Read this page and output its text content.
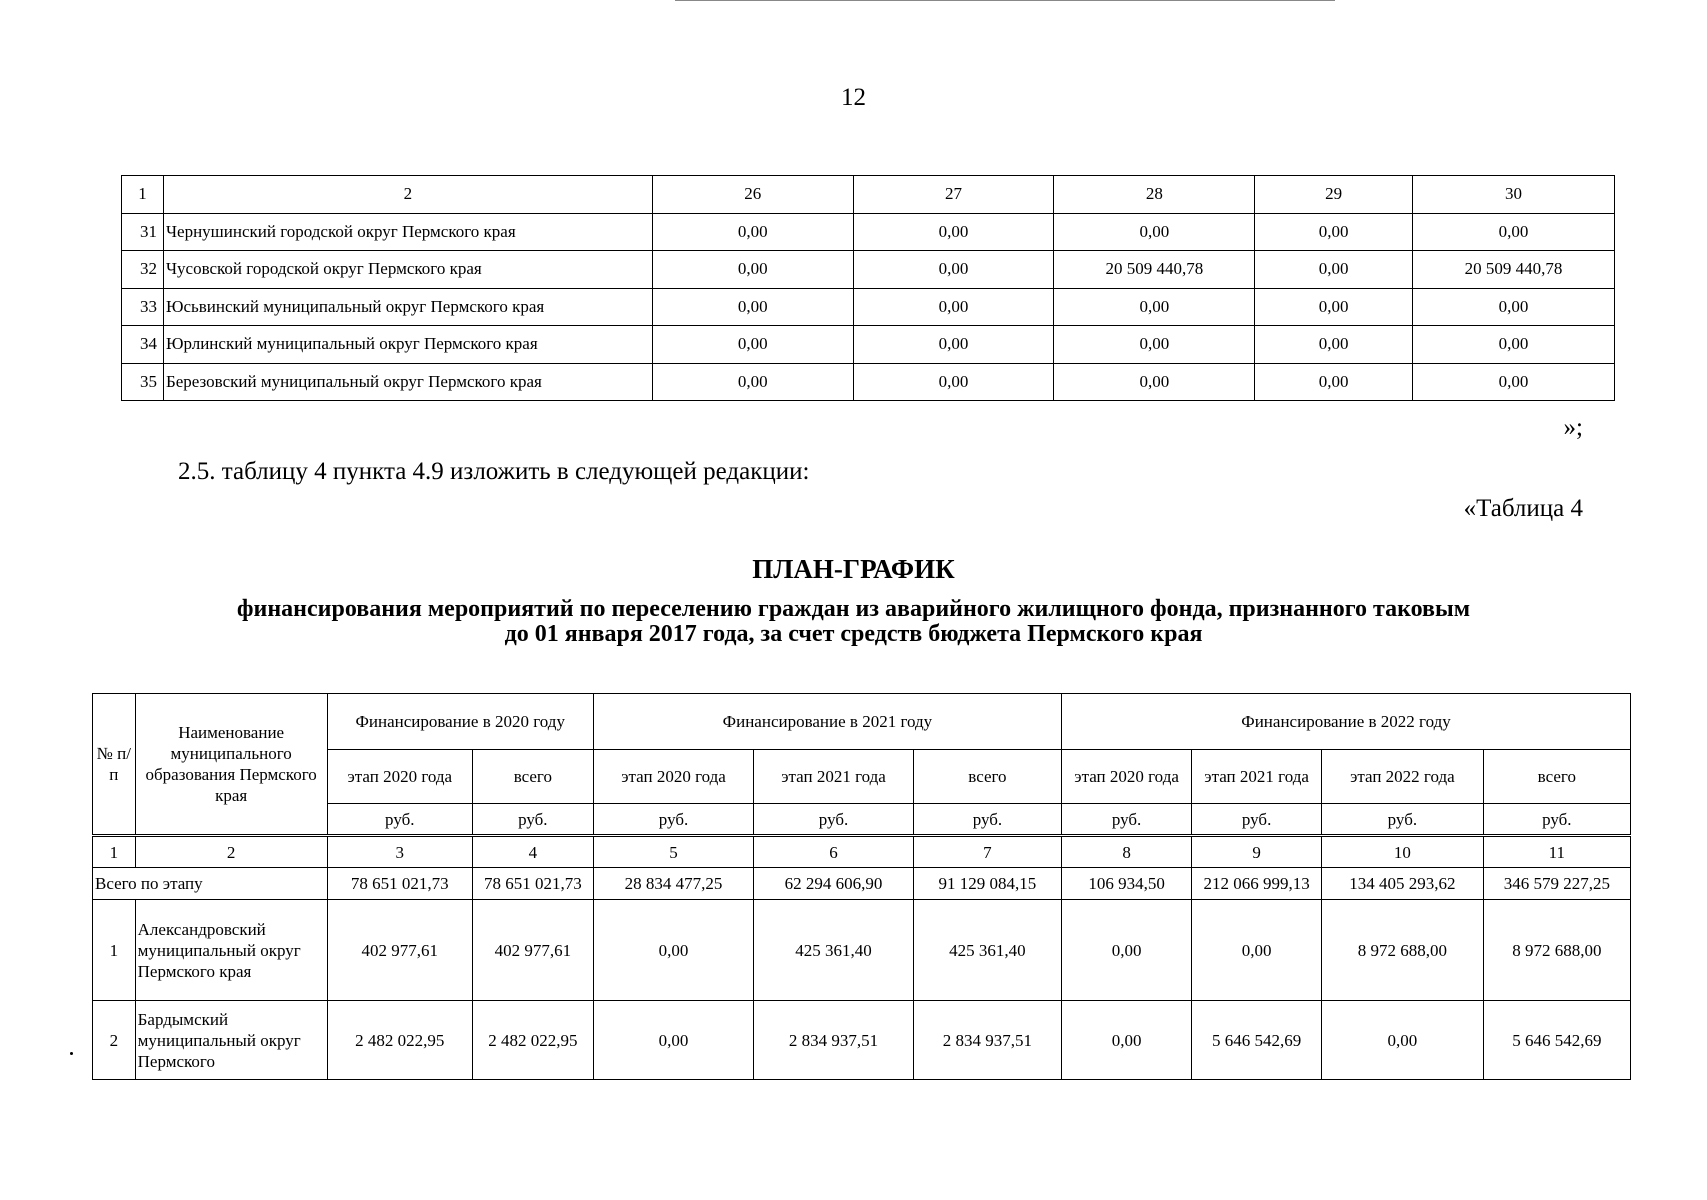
12
1	2	26	27	28	29	30
31	Чернушинский городской округ Пермского края	0,00	0,00	0,00	0,00	0,00
32	Чусовской городской округ Пермского края	0,00	0,00	20 509 440,78	0,00	20 509 440,78
33	Юсьвинский муниципальный округ Пермского края	0,00	0,00	0,00	0,00	0,00
34	Юрлинский муниципальный округ Пермского края	0,00	0,00	0,00	0,00	0,00
35	Березовский муниципальный округ Пермского края	0,00	0,00	0,00	0,00	0,00
»;
2.5. таблицу 4 пункта 4.9 изложить в следующей редакции:
«Таблица 4
ПЛАН-ГРАФИК
финансирования мероприятий по переселению граждан из аварийного жилищного фонда, признанного таковым
до 01 января 2017 года, за счет средств бюджета Пермского края
№ п/п	Наименование муниципального образования Пермского края	Финансирование в 2020 году		Финансирование в 2021 году			Финансирование в 2022 году			
		этап 2020 года	всего	этап 2020 года	этап 2021 года	всего	этап 2020 года	этап 2021 года	этап 2022 года	всего
		руб.	руб.	руб.	руб.	руб.	руб.	руб.	руб.	руб.
1	2	3	4	5	6	7	8	9	10	11
Всего по этапу		78 651 021,73	78 651 021,73	28 834 477,25	62 294 606,90	91 129 084,15	106 934,50	212 066 999,13	134 405 293,62	346 579 227,25
1	Александровский муниципальный округ Пермского края	402 977,61	402 977,61	0,00	425 361,40	425 361,40	0,00	0,00	8 972 688,00	8 972 688,00
2	Бардымский муниципальный округ Пермского	2 482 022,95	2 482 022,95	0,00	2 834 937,51	2 834 937,51	0,00	5 646 542,69	0,00	5 646 542,69
